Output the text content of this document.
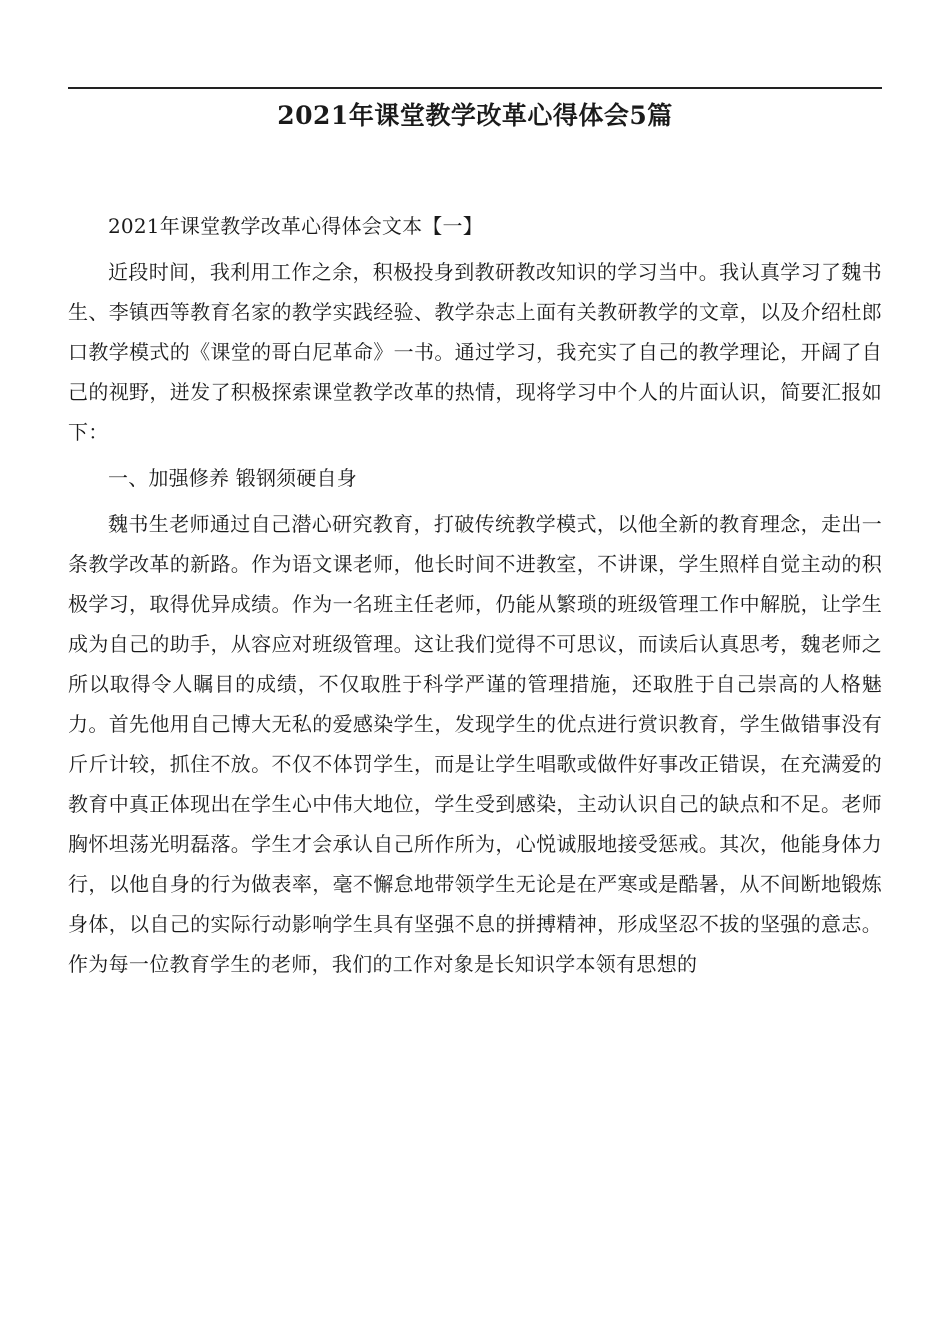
2021年课堂教学改革心得体会5篇

2021年课堂教学改革心得体会文本【一】

近段时间，我利用工作之余，积极投身到教研教改知识的学习当中。我认真学习了魏书生、李镇西等教育名家的教学实践经验、教学杂志上面有关教研教学的文章，以及介绍杜郎口教学模式的《课堂的哥白尼革命》一书。通过学习，我充实了自己的教学理论，开阔了自己的视野，迸发了积极探索课堂教学改革的热情，现将学习中个人的片面认识，简要汇报如下：

一、加强修养 锻钢须硬自身

魏书生老师通过自己潜心研究教育，打破传统教学模式，以他全新的教育理念，走出一条教学改革的新路。作为语文课老师，他长时间不进教室，不讲课，学生照样自觉主动的积极学习，取得优异成绩。作为一名班主任老师，仍能从繁琐的班级管理工作中解脱，让学生成为自己的助手，从容应对班级管理。这让我们觉得不可思议，而读后认真思考，魏老师之所以取得令人瞩目的成绩，不仅取胜于科学严谨的管理措施，还取胜于自己崇高的人格魅力。首先他用自己博大无私的爱感染学生，发现学生的优点进行赏识教育，学生做错事没有斤斤计较，抓住不放。不仅不体罚学生，而是让学生唱歌或做件好事改正错误，在充满爱的教育中真正体现出在学生心中伟大地位，学生受到感染，主动认识自己的缺点和不足。老师胸怀坦荡光明磊落。学生才会承认自己所作所为，心悦诚服地接受惩戒。其次，他能身体力行，以他自身的行为做表率，毫不懈怠地带领学生无论是在严寒或是酷暑，从不间断地锻炼身体，以自己的实际行动影响学生具有坚强不息的拼搏精神，形成坚忍不拔的坚强的意志。作为每一位教育学生的老师，我们的工作对象是长知识学本领有思想的
